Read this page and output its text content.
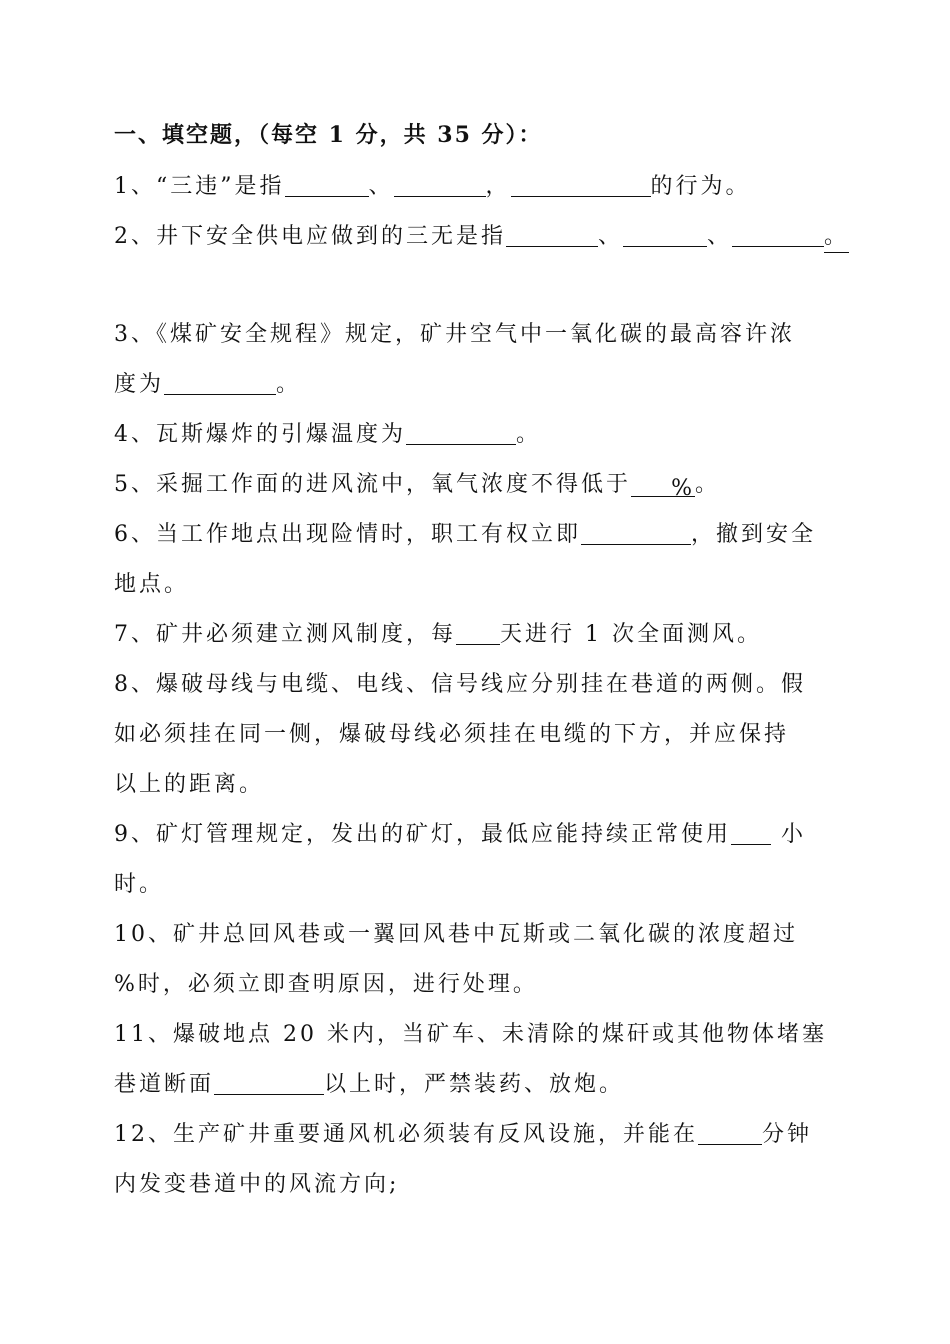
一、填空题，（每空 1 分，共 35 分）：
1、“三违”是指	、	，	的行为。
2、井下安全供电应做到的三无是指	、	、	。
3、《煤矿安全规程》规定，矿井空气中一氧化碳的最高容许浓
度为	。
4、瓦斯爆炸的引爆温度为	。
5、采掘工作面的进风流中，氧气浓度不得低于 %。
6、当工作地点出现险情时，职工有权立即	，撤到安全
地点。
7、矿井必须建立测风制度，每 天进行 1 次全面测风。
8、爆破母线与电缆、电线、信号线应分别挂在巷道的两侧。假
如必须挂在同一侧，爆破母线必须挂在电缆的下方，并应保持
以上的距离。
9、矿灯管理规定，发出的矿灯，最低应能持续正常使用 小
时。
10、矿井总回风巷或一翼回风巷中瓦斯或二氧化碳的浓度超过
%时，必须立即查明原因，进行处理。
11、爆破地点 20 米内，当矿车、未清除的煤矸或其他物体堵塞
巷道断面	以上时，严禁装药、放炮。
12、生产矿井重要通风机必须装有反风设施，并能在	分钟
内发变巷道中的风流方向;
